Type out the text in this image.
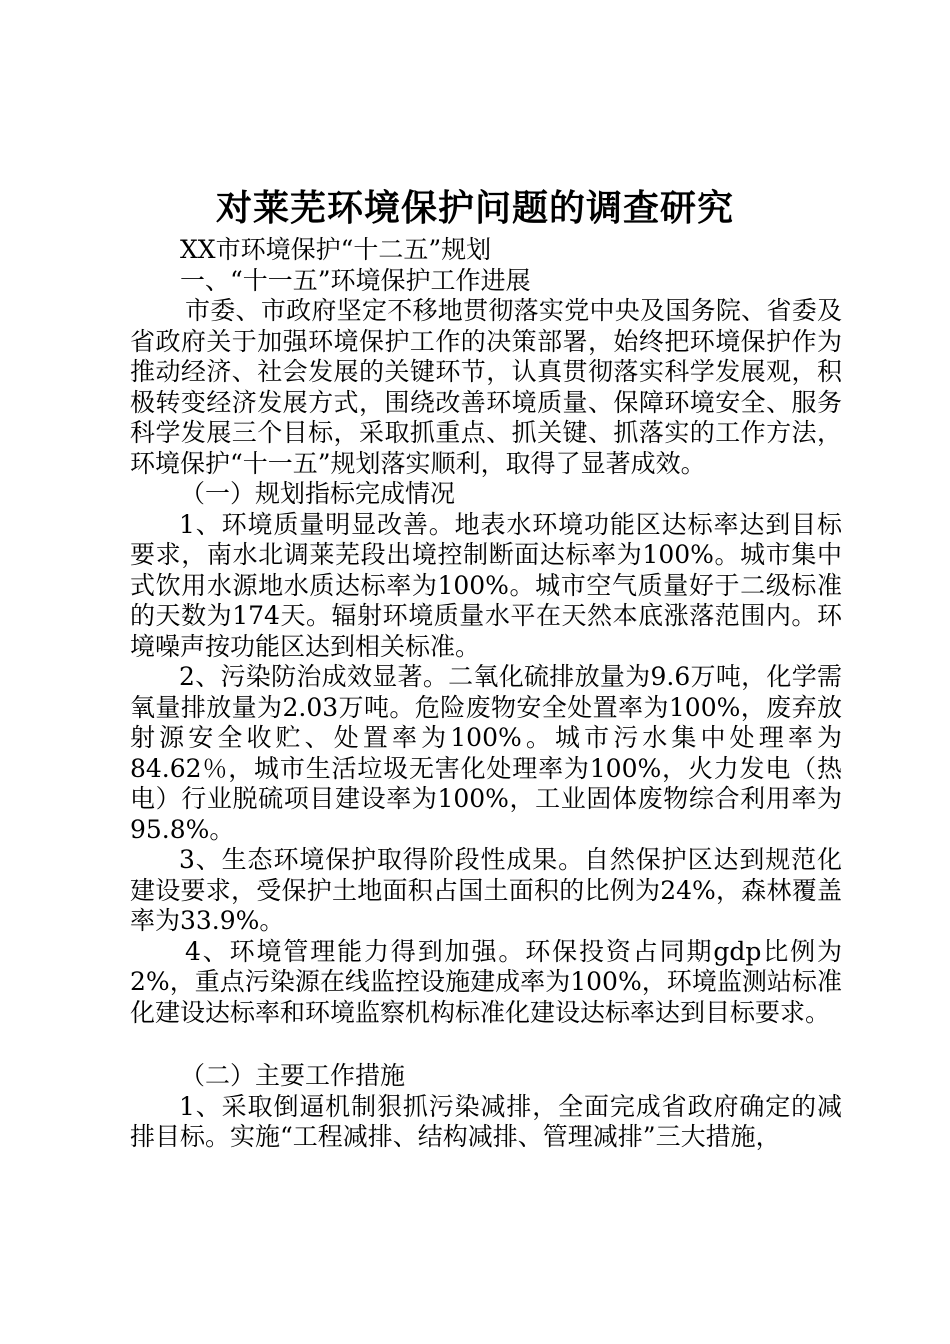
对莱芜环境保护问题的调查研究

XX市环境保护“十二五”规划

一、“十一五”环境保护工作进展

市委、市政府坚定不移地贯彻落实党中央及国务院、省委及省政府关于加强环境保护工作的决策部署，始终把环境保护作为推动经济、社会发展的关键环节，认真贯彻落实科学发展观，积极转变经济发展方式，围绕改善环境质量、保障环境安全、服务科学发展三个目标，采取抓重点、抓关键、抓落实的工作方法，环境保护“十一五”规划落实顺利，取得了显著成效。

（一）规划指标完成情况

1、环境质量明显改善。地表水环境功能区达标率达到目标要求，南水北调莱芜段出境控制断面达标率为100%。城市集中式饮用水源地水质达标率为100%。城市空气质量好于二级标准的天数为174天。辐射环境质量水平在天然本底涨落范围内。环境噪声按功能区达到相关标准。

2、污染防治成效显著。二氧化硫排放量为9.6万吨，化学需氧量排放量为2.03万吨。危险废物安全处置率为100%，废弃放射源安全收贮、处置率为100%。城市污水集中处理率为84.62％，城市生活垃圾无害化处理率为100%，火力发电（热电）行业脱硫项目建设率为100%，工业固体废物综合利用率为95.8%。

3、生态环境保护取得阶段性成果。自然保护区达到规范化建设要求，受保护土地面积占国土面积的比例为24%，森林覆盖率为33.9%。

4、环境管理能力得到加强。环保投资占同期gdp比例为2%，重点污染源在线监控设施建成率为100%，环境监测站标准化建设达标率和环境监察机构标准化建设达标率达到目标要求。

（二）主要工作措施

1、采取倒逼机制狠抓污染减排，全面完成省政府确定的减排目标。实施“工程减排、结构减排、管理减排”三大措施，
